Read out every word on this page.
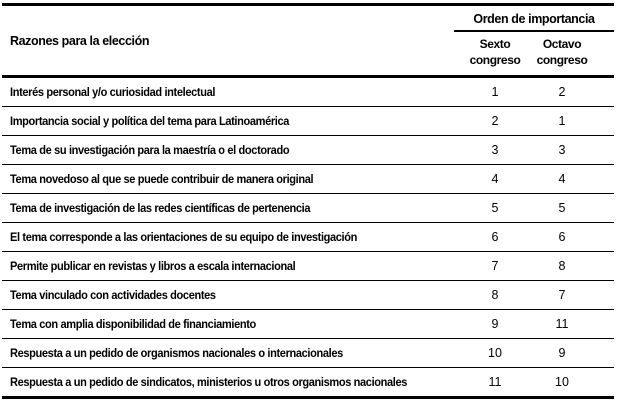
Razones para la elección
Orden de importancia
Sexto
congreso
Octavo
congreso
Interés personal y/o curiosidad intelectual	1	2
Importancia social y política del tema para Latinoamérica	2	1
Tema de su investigación para la maestría o el doctorado	3	3
Tema novedoso al que se puede contribuir de manera original	4	4
Tema de investigación de las redes científicas de pertenencia	5	5
El tema corresponde a las orientaciones de su equipo de investigación	6	6
Permite publicar en revistas y libros a escala internacional	7	8
Tema vinculado con actividades docentes	8	7
Tema con amplia disponibilidad de financiamiento	9	11
Respuesta a un pedido de organismos nacionales o internacionales	10	9
Respuesta a un pedido de sindicatos, ministerios u otros organismos nacionales	11	10
